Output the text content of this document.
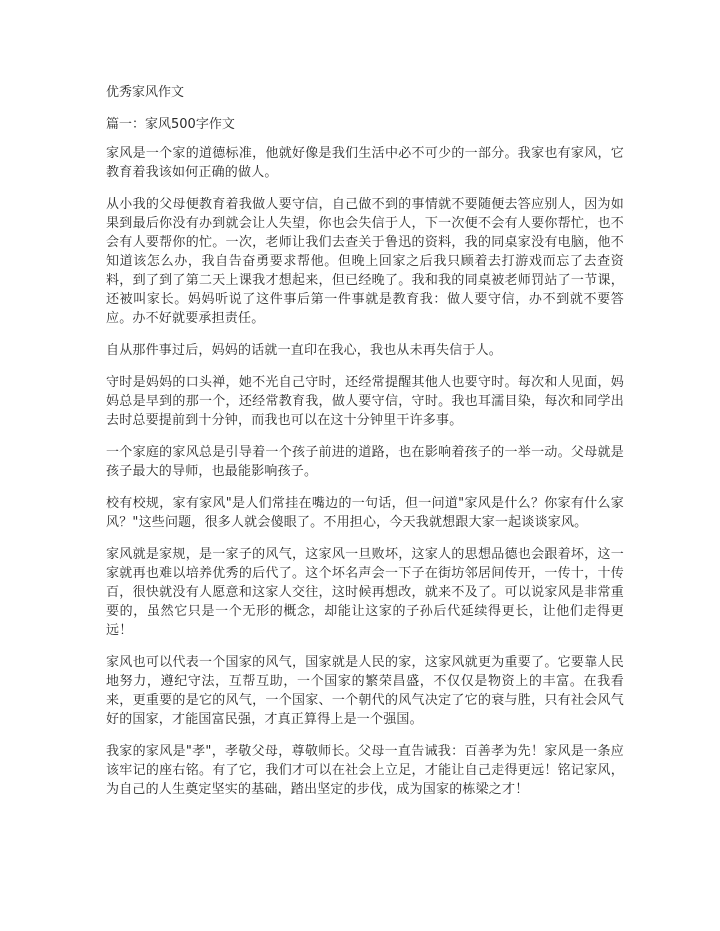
优秀家风作文
篇一：家风500字作文

家风是一个家的道德标准，他就好像是我们生活中必不可少的一部分。我家也有家风，它教育着我该如何正确的做人。

从小我的父母便教育着我做人要守信，自己做不到的事情就不要随便去答应别人，因为如果到最后你没有办到就会让人失望，你也会失信于人，下一次便不会有人要你帮忙，也不会有人要帮你的忙。一次，老师让我们去查关于鲁迅的资料，我的同桌家没有电脑，他不知道该怎么办，我自告奋勇要求帮他。但晚上回家之后我只顾着去打游戏而忘了去查资料，到了到了第二天上课我才想起来，但已经晚了。我和我的同桌被老师罚站了一节课，还被叫家长。妈妈听说了这件事后第一件事就是教育我：做人要守信，办不到就不要答应。办不好就要承担责任。

自从那件事过后，妈妈的话就一直印在我心，我也从未再失信于人。

守时是妈妈的口头禅，她不光自己守时，还经常提醒其他人也要守时。每次和人见面，妈妈总是早到的那一个，还经常教育我，做人要守信，守时。我也耳濡目染，每次和同学出去时总要提前到十分钟，而我也可以在这十分钟里干许多事。

一个家庭的家风总是引导着一个孩子前进的道路，也在影响着孩子的一举一动。父母就是孩子最大的导师，也最能影响孩子。

校有校规，家有家风"是人们常挂在嘴边的一句话，但一问道"家风是什么？你家有什么家风？"这些问题，很多人就会傻眼了。不用担心，今天我就想跟大家一起谈谈家风。

家风就是家规，是一家子的风气，这家风一旦败坏，这家人的思想品德也会跟着坏，这一家就再也难以培养优秀的后代了。这个坏名声会一下子在街坊邻居间传开，一传十，十传百，很快就没有人愿意和这家人交往，这时候再想改，就来不及了。可以说家风是非常重要的，虽然它只是一个无形的概念，却能让这家的子孙后代延续得更长，让他们走得更远！

家风也可以代表一个国家的风气，国家就是人民的家，这家风就更为重要了。它要靠人民地努力，遵纪守法，互帮互助，一个国家的繁荣昌盛，不仅仅是物资上的丰富。在我看来，更重要的是它的风气，一个国家、一个朝代的风气决定了它的衰与胜，只有社会风气好的国家，才能国富民强，才真正算得上是一个强国。

我家的家风是"孝"，孝敬父母，尊敬师长。父母一直告诫我：百善孝为先！家风是一条应该牢记的座右铭。有了它，我们才可以在社会上立足，才能让自己走得更远！铭记家风，为自己的人生奠定坚实的基础，踏出坚定的步伐，成为国家的栋梁之才！
